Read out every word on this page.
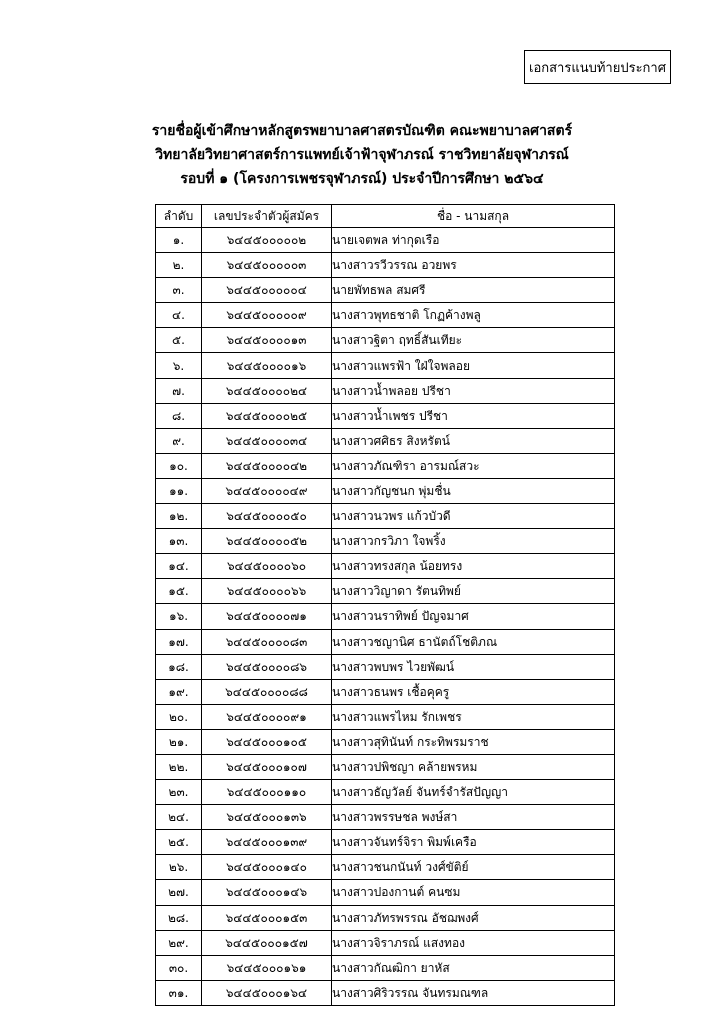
เอกสารแนบท้ายประกาศ
รายชื่อผู้เข้าศึกษาหลักสูตรพยาบาลศาสตรบัณฑิต คณะพยาบาลศาสตร์
วิทยาลัยวิทยาศาสตร์การแพทย์เจ้าฟ้าจุฬาภรณ์ ราชวิทยาลัยจุฬาภรณ์
รอบที่ ๑ (โครงการเพชรจุฬาภรณ์) ประจำปีการศึกษา ๒๕๖๔
ลำดับ	เลขประจำตัวผู้สมัคร	ชื่อ - นามสกุล
๑.	๖๔๔๕๐๐๐๐๐๒	นายเจตพล ท่ากุดเรือ
๒.	๖๔๔๕๐๐๐๐๐๓	นางสาวรวีวรรณ อวยพร
๓.	๖๔๔๕๐๐๐๐๐๔	นายพัทธพล สมศรี
๔.	๖๔๔๕๐๐๐๐๐๙	นางสาวพุทธชาติ โกฏค้างพลู
๕.	๖๔๔๕๐๐๐๐๑๓	นางสาวฐิตา ฤทธิ์สันเทียะ
๖.	๖๔๔๕๐๐๐๐๑๖	นางสาวแพรฟ้า ใฝ่ใจพลอย
๗.	๖๔๔๕๐๐๐๐๒๔	นางสาวน้ำพลอย ปรีชา
๘.	๖๔๔๕๐๐๐๐๒๕	นางสาวน้ำเพชร ปรีชา
๙.	๖๔๔๕๐๐๐๐๓๔	นางสาวศศิธร สิงหรัตน์
๑๐.	๖๔๔๕๐๐๐๐๔๒	นางสาวภัณฑิรา อารมณ์สวะ
๑๑.	๖๔๔๕๐๐๐๐๔๙	นางสาวกัญชนก พุ่มชื่น
๑๒.	๖๔๔๕๐๐๐๐๕๐	นางสาวนวพร แก้วบัวดี
๑๓.	๖๔๔๕๐๐๐๐๕๒	นางสาวกรวิภา ใจพริ้ง
๑๔.	๖๔๔๕๐๐๐๐๖๐	นางสาวทรงสกุล น้อยทรง
๑๕.	๖๔๔๕๐๐๐๐๖๖	นางสาววิญาดา รัตนทิพย์
๑๖.	๖๔๔๕๐๐๐๐๗๑	นางสาวนราทิพย์ ปัญจมาศ
๑๗.	๖๔๔๕๐๐๐๐๘๓	นางสาวชญานิศ ธานัตถ์โชติภณ
๑๘.	๖๔๔๕๐๐๐๐๘๖	นางสาวพบพร ไวยพัฒน์
๑๙.	๖๔๔๕๐๐๐๐๘๘	นางสาวธนพร เชื้อคุครู
๒๐.	๖๔๔๕๐๐๐๐๙๑	นางสาวแพรไหม รักเพชร
๒๑.	๖๔๔๕๐๐๐๑๐๕	นางสาวสุทินันท์ กระทิพรมราช
๒๒.	๖๔๔๕๐๐๐๑๐๗	นางสาวปพิชญา คล้ายพรหม
๒๓.	๖๔๔๕๐๐๐๑๑๐	นางสาวธัญวัลย์ จันทร์จำรัสปัญญา
๒๔.	๖๔๔๕๐๐๐๑๓๖	นางสาวพรรษชล พงษ์สา
๒๕.	๖๔๔๕๐๐๐๑๓๙	นางสาวจันทร์จิรา พิมพ์เครือ
๒๖.	๖๔๔๕๐๐๐๑๔๐	นางสาวชนกนันท์ วงศ์ขัติย์
๒๗.	๖๔๔๕๐๐๐๑๔๖	นางสาวปองกานต์ คนซม
๒๘.	๖๔๔๕๐๐๐๑๕๓	นางสาวภัทรพรรณ อัชฌพงศ์
๒๙.	๖๔๔๕๐๐๐๑๕๗	นางสาวจิราภรณ์ แสงทอง
๓๐.	๖๔๔๕๐๐๐๑๖๑	นางสาวกัณฒิกา ยาหัส
๓๑.	๖๔๔๕๐๐๐๑๖๔	นางสาวศิริวรรณ จันทรมณฑล
